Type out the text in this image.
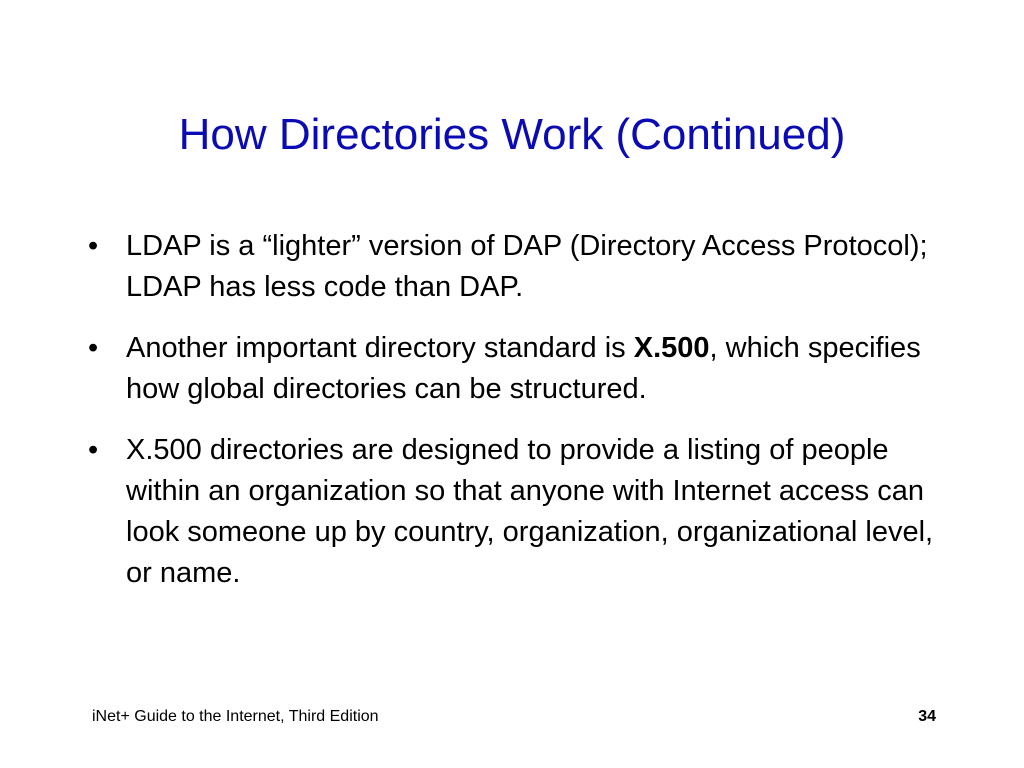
How Directories Work (Continued)
• LDAP is a “lighter” version of DAP (Directory Access Protocol); LDAP has less code than DAP.
• Another important directory standard is X.500, which specifies how global directories can be structured.
• X.500 directories are designed to provide a listing of people within an organization so that anyone with Internet access can look someone up by country, organization, organizational level, or name.
iNet+ Guide to the Internet, Third Edition	34
